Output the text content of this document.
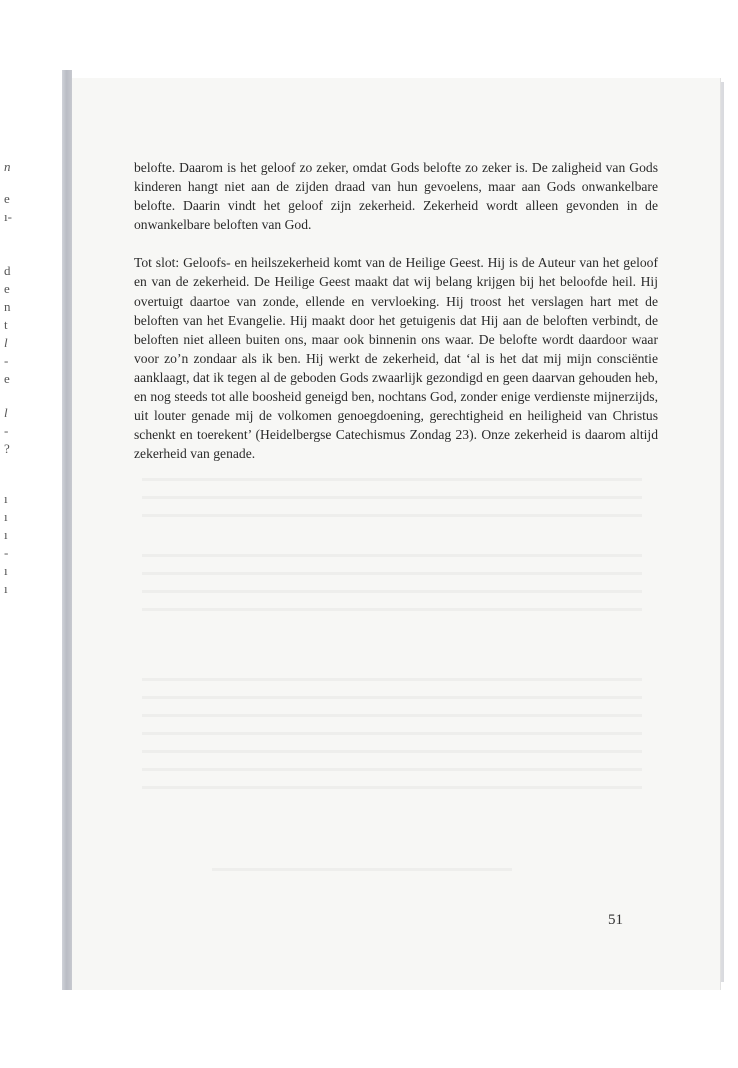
n
e
ı-
d
e
n
t
l
-
e
l
-
?
ı
ı
ı
-
ı
ı

belofte. Daarom is het geloof zo zeker, omdat Gods belofte zo zeker is. De zaligheid van Gods kinderen hangt niet aan de zijden draad van hun gevoelens, maar aan Gods onwankelbare belofte. Daarin vindt het geloof zijn zekerheid. Zekerheid wordt alleen gevonden in de onwankelbare beloften van God.

Tot slot: Geloofs- en heilszekerheid komt van de Heilige Geest. Hij is de Auteur van het geloof en van de zekerheid. De Heilige Geest maakt dat wij belang krijgen bij het beloofde heil. Hij overtuigt daartoe van zonde, ellende en vervloeking. Hij troost het verslagen hart met de beloften van het Evangelie. Hij maakt door het getuigenis dat Hij aan de beloften verbindt, de beloften niet alleen buiten ons, maar ook binnenin ons waar. De belofte wordt daardoor waar voor zo’n zondaar als ik ben. Hij werkt de zekerheid, dat ‘al is het dat mij mijn consciëntie aanklaagt, dat ik tegen al de geboden Gods zwaarlijk gezondigd en geen daarvan gehouden heb, en nog steeds tot alle boosheid geneigd ben, nochtans God, zonder enige verdienste mijnerzijds, uit louter genade mij de volkomen genoegdoening, gerechtigheid en heiligheid van Christus schenkt en toerekent’ (Heidelbergse Catechismus Zondag 23). Onze zekerheid is daarom altijd zekerheid van genade.

51
